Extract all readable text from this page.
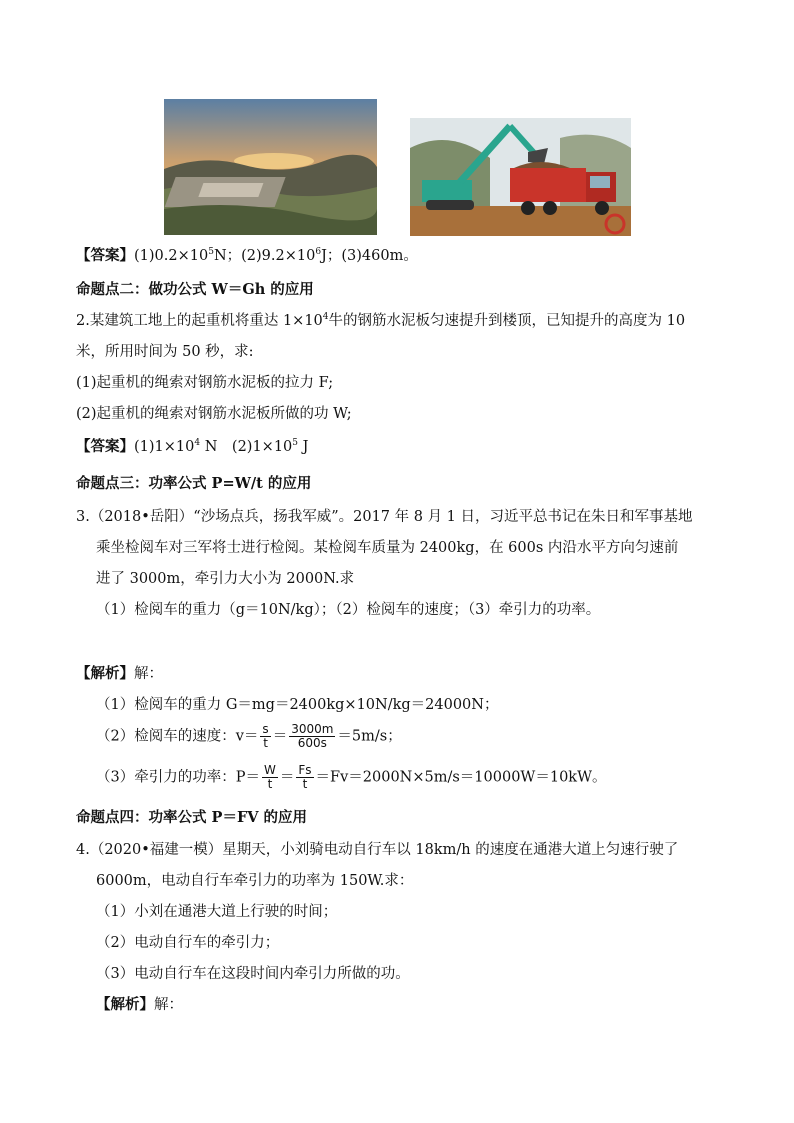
【答案】$(1)0.2\times 10^5N$；$(2)9.2\times 10^6J$；(3)460m。
命题点二：做功公式 W＝Gh 的应用
2.某建筑工地上的起重机将重达 $1\times 10^4$牛的钢筋水泥板匀速提升到楼顶，已知提升的高度为 10
米，所用时间为 50 秒，求:
(1)起重机的绳索对钢筋水泥板的拉力 F;
(2)起重机的绳索对钢筋水泥板所做的功 W;
【答案】$(1)1\times 10^4$ N　$(2)1\times 10^5$ J
命题点三：功率公式 P=W/t 的应用
3.（2018•岳阳）“沙场点兵，扬我军威”。2017 年 8 月 1 日，习近平总书记在朱日和军事基地
乘坐检阅车对三军将士进行检阅。某检阅车质量为 2400kg，在 600s 内沿水平方向匀速前
进了 3000m，牵引力大小为 2000N.求
（1）检阅车的重力（g＝10N/kg）；（2）检阅车的速度；（3）牵引力的功率。
【解析】解：
（1）检阅车的重力 G＝mg＝2400kg×10N/kg＝24000N；
（2）检阅车的速度：$v= \frac{s}{t} = \frac{3000m}{600s} =5m/s$；
（3）牵引力的功率：$P= \frac{W}{t} = \frac{Fs}{t} =Fv=2000N\times 5m/s=10000W=10kW$。
命题点四：功率公式 P＝FV 的应用
4.（2020•福建一模）星期天，小刘骑电动自行车以 18km/h 的速度在通港大道上匀速行驶了
6000m，电动自行车牵引力的功率为 150W.求：
（1）小刘在通港大道上行驶的时间；
（2）电动自行车的牵引力；
（3）电动自行车在这段时间内牵引力所做的功。
【解析】解：
